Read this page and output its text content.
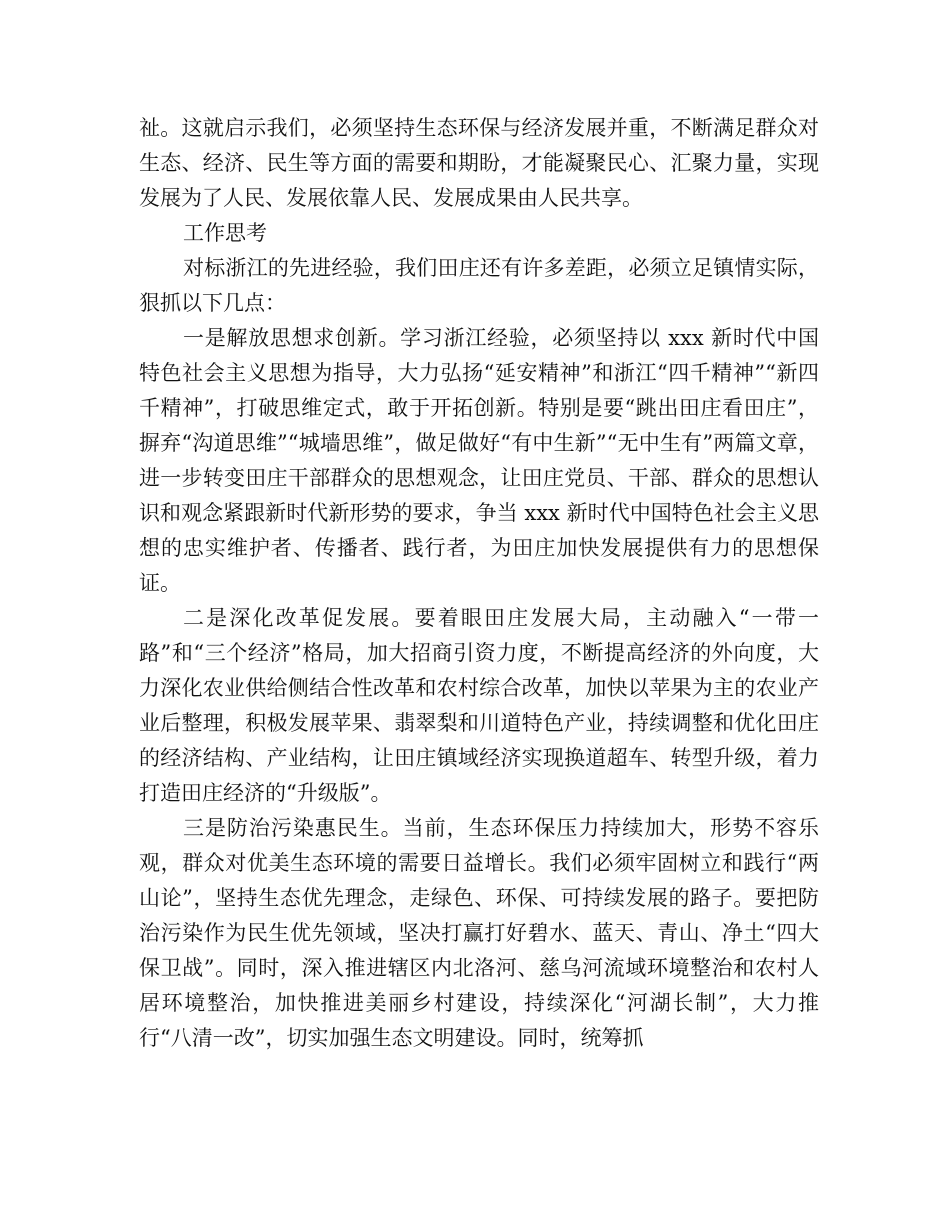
祉。这就启示我们，必须坚持生态环保与经济发展并重，不断满足群众对生态、经济、民生等方面的需要和期盼，才能凝聚民心、汇聚力量，实现发展为了人民、发展依靠人民、发展成果由人民共享。

工作思考

对标浙江的先进经验，我们田庄还有许多差距，必须立足镇情实际，狠抓以下几点：

一是解放思想求创新。学习浙江经验，必须坚持以 xxx 新时代中国特色社会主义思想为指导，大力弘扬“延安精神”和浙江“四千精神”“新四千精神”，打破思维定式，敢于开拓创新。特别是要“跳出田庄看田庄”，摒弃“沟道思维”“城墙思维”，做足做好“有中生新”“无中生有”两篇文章，进一步转变田庄干部群众的思想观念，让田庄党员、干部、群众的思想认识和观念紧跟新时代新形势的要求，争当 xxx 新时代中国特色社会主义思想的忠实维护者、传播者、践行者，为田庄加快发展提供有力的思想保证。

二是深化改革促发展。要着眼田庄发展大局，主动融入“一带一路”和“三个经济”格局，加大招商引资力度，不断提高经济的外向度，大力深化农业供给侧结合性改革和农村综合改革，加快以苹果为主的农业产业后整理，积极发展苹果、翡翠梨和川道特色产业，持续调整和优化田庄的经济结构、产业结构，让田庄镇域经济实现换道超车、转型升级，着力打造田庄经济的“升级版”。

三是防治污染惠民生。当前，生态环保压力持续加大，形势不容乐观，群众对优美生态环境的需要日益增长。我们必须牢固树立和践行“两山论”，坚持生态优先理念，走绿色、环保、可持续发展的路子。要把防治污染作为民生优先领域，坚决打赢打好碧水、蓝天、青山、净土“四大保卫战”。同时，深入推进辖区内北洛河、慈乌河流域环境整治和农村人居环境整治，加快推进美丽乡村建设，持续深化“河湖长制”，大力推行“八清一改”，切实加强生态文明建设。同时，统筹抓
